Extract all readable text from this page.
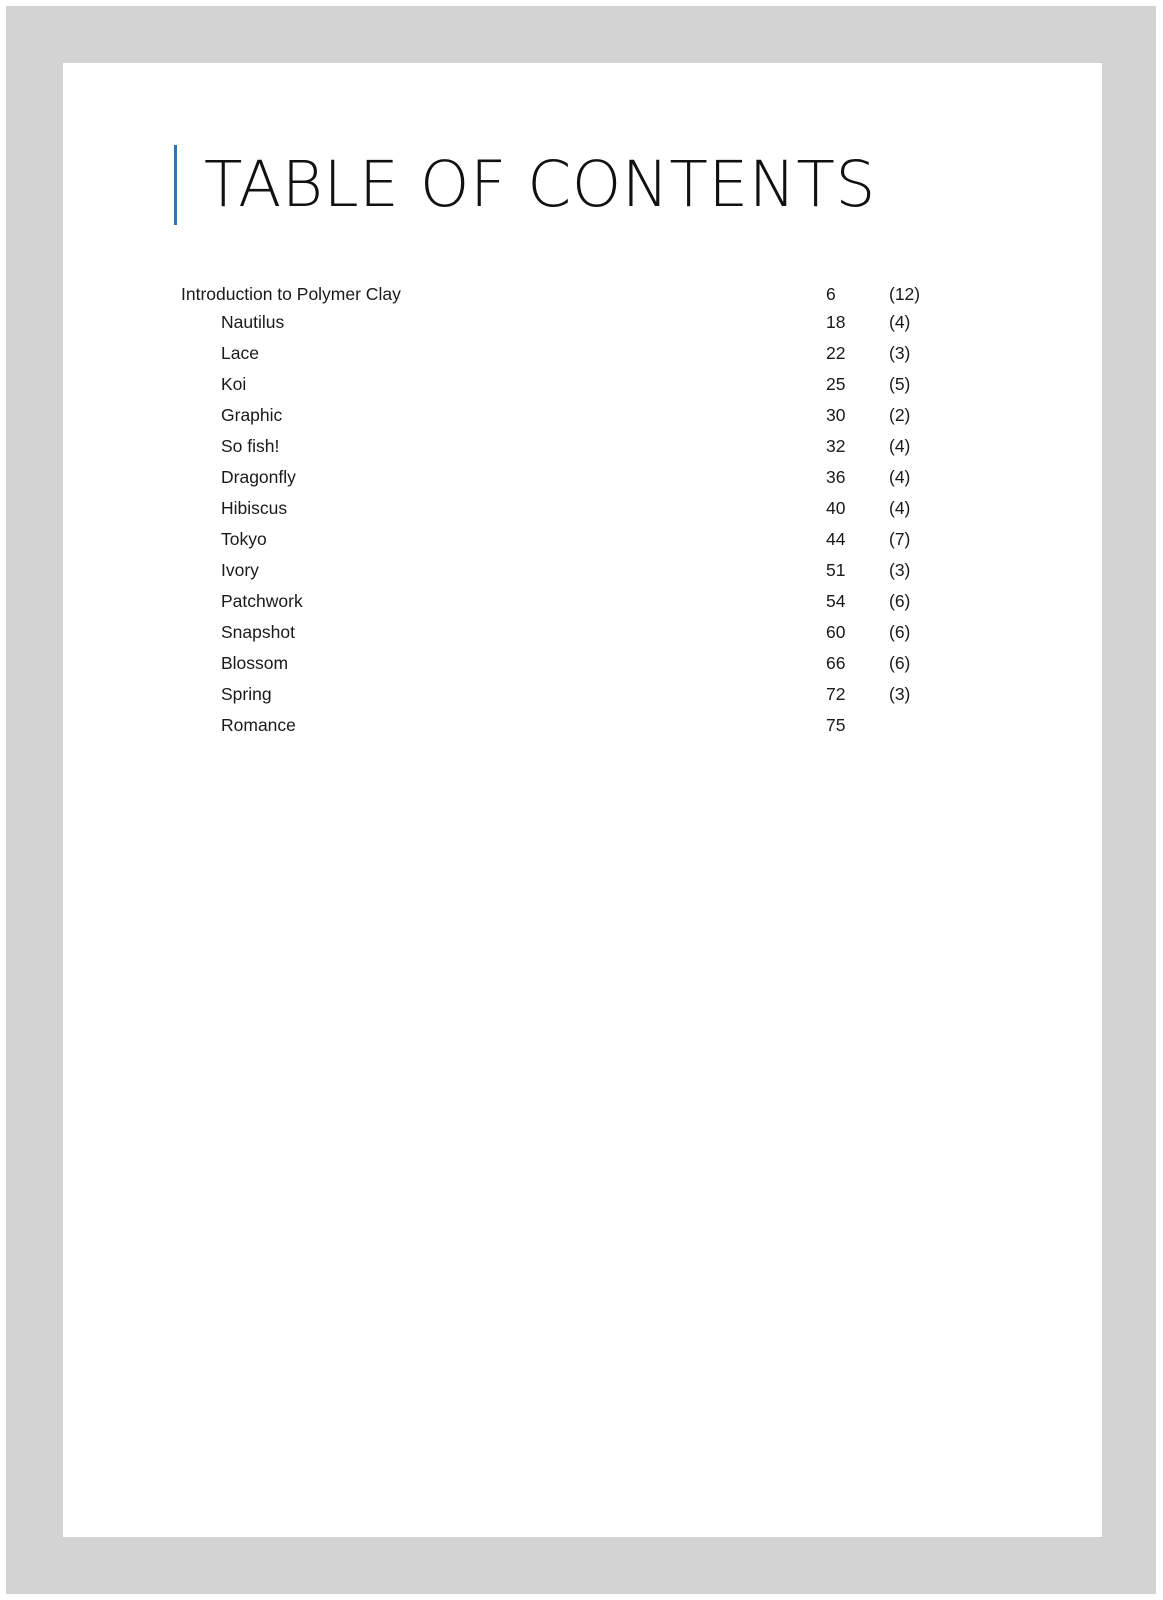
TABLE OF CONTENTS
Introduction to Polymer Clay	6	(12)
Nautilus	18 (4)
Lace	22 (3)
Koi	25 (5)
Graphic	30 (2)
So fish!	32 (4)
Dragonfly	36 (4)
Hibiscus	40 (4)
Tokyo	44 (7)
Ivory	51 (3)
Patchwork	54 (6)
Snapshot	60 (6)
Blossom	66 (6)
Spring	72 (3)
Romance	75
